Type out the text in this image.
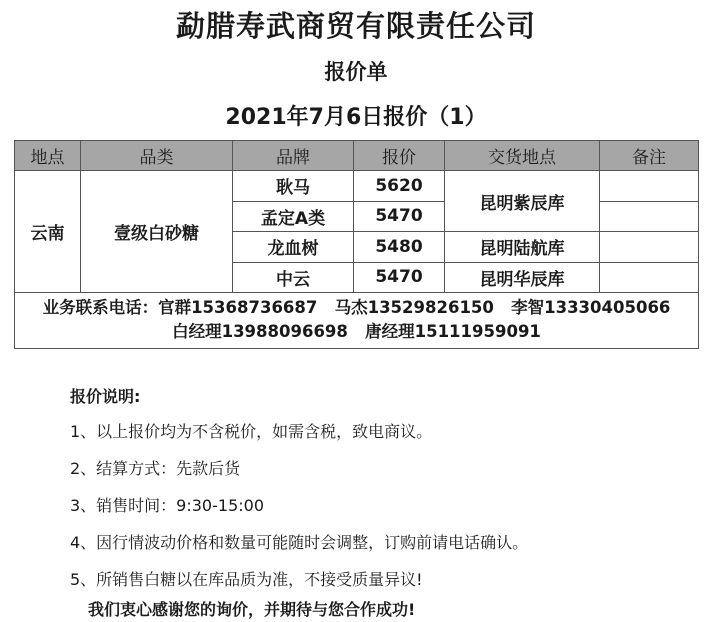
勐腊寿武商贸有限责任公司
报价单
2021年7月6日报价（1）
地点	品类	品牌	报价	交货地点	备注
云南	壹级白砂糖	耿马	5620	昆明紫辰库	
		孟定A类	5470		
		龙血树	5480	昆明陆航库	
		中云	5470	昆明华辰库	

业务联系电话：官群15368736687   马杰13529826150   李智13330405066
白经理13988096698   唐经理15111959091					
报价说明:
1、以上报价均为不含税价，如需含税，致电商议。
2、结算方式：先款后货
3、销售时间：9:30-15:00
4、因行情波动价格和数量可能随时会调整，订购前请电话确认。
5、所销售白糖以在库品质为准，不接受质量异议!
我们衷心感谢您的询价，并期待与您合作成功!
